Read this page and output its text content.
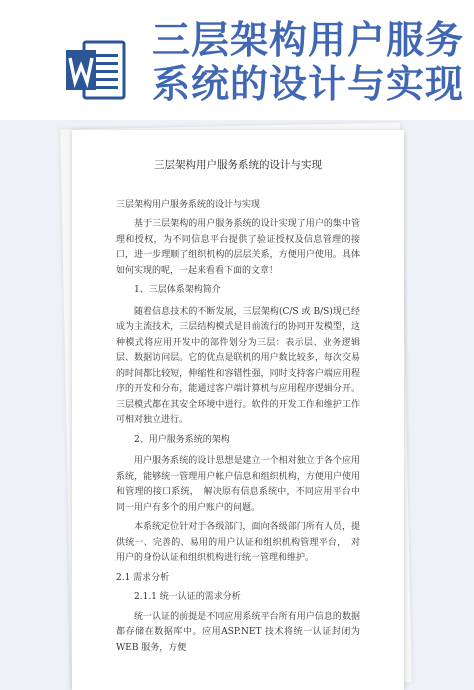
三层架构用户服务
系统的设计与实现
三层架构用户服务系统的设计与实现

三层架构用户服务系统的设计与实现

基于三层架构的用户服务系统的设计实现了用户的集中管理和授权，为不同信息平台提供了验证授权及信息管理的接口，进一步理顺了组织机构的层层关系，方便用户使用。具体如何实现的呢，一起来看看下面的文章！

1、三层体系架构简介

随着信息技术的不断发展，三层架构(C/S 或 B/S)现已经成为主流技术，三层结构模式是目前流行的协同开发模型，这种模式将应用开发中的部件划分为三层：表示层、业务逻辑层、数据访问层。它的优点是联机的用户数比较多，每次交易的时间都比较短，伸缩性和容错性强，同时支持客户端应用程序的开发和分布，能通过客户端计算机与应用程序逻辑分开。三层模式都在其安全环境中进行。软件的开发工作和维护工作可相对独立进行。

2、用户服务系统的架构

用户服务系统的设计思想是建立一个相对独立于各个应用系统，能够统一管理用户帐户信息和组织机构，方便用户使用和管理的接口系统，　解决原有信息系统中，不同应用平台中同一用户有多个的用户账户的问题。

本系统定位针对于各级部门，面向各级部门所有人员，提供统一、完善的、易用的用户认证和组织机构管理平台，　对用户的身份认证和组织机构进行统一管理和维护。

2.1 需求分析

2.1.1 统一认证的需求分析

统一认证的前提是不同应用系统平台所有用户信息的数据都存储在数据库中。应用ASP.NET 技术将统一认证封闭为 WEB 服务，方便
